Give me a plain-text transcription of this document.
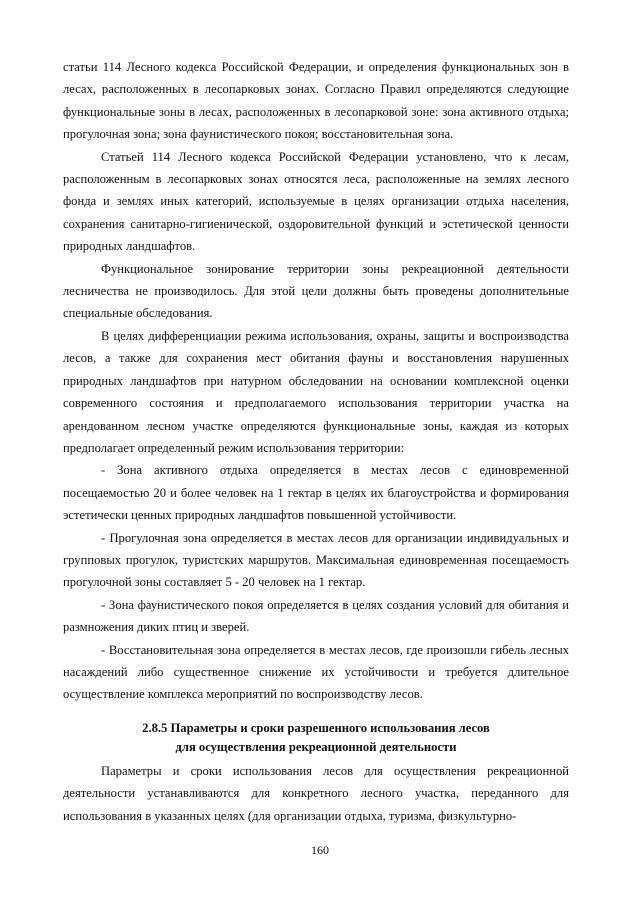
статьи 114 Лесного кодекса Российской Федерации, и определения функциональных зон в лесах, расположенных в лесопарковых зонах. Согласно Правил определяются следующие функциональные зоны в лесах, расположенных в лесопарковой зоне: зона активного отдыха; прогулочная зона; зона фаунистического покоя; восстановительная зона.

Статьей 114 Лесного кодекса Российской Федерации установлено, что к лесам, расположенным в лесопарковых зонах относятся леса, расположенные на землях лесного фонда и землях иных категорий, используемые в целях организации отдыха населения, сохранения санитарно-гигиенической, оздоровительной функций и эстетической ценности природных ландшафтов.

Функциональное зонирование территории зоны рекреационной деятельности лесничества не производилось. Для этой цели должны быть проведены дополнительные специальные обследования.

В целях дифференциации режима использования, охраны, защиты и воспроизводства лесов, а также для сохранения мест обитания фауны и восстановления нарушенных природных ландшафтов при натурном обследовании на основании комплексной оценки современного состояния и предполагаемого использования территории участка на арендованном лесном участке определяются функциональные зоны, каждая из которых предполагает определенный режим использования территории:

- Зона активного отдыха определяется в местах лесов с единовременной посещаемостью 20 и более человек на 1 гектар в целях их благоустройства и формирования эстетически ценных природных ландшафтов повышенной устойчивости.

- Прогулочная зона определяется в местах лесов для организации индивидуальных и групповых прогулок, туристских маршрутов. Максимальная единовременная посещаемость прогулочной зоны составляет 5 - 20 человек на 1 гектар.

- Зона фаунистического покоя определяется в целях создания условий для обитания и размножения диких птиц и зверей.

- Восстановительная зона определяется в местах лесов, где произошли гибель лесных насаждений либо существенное снижение их устойчивости и требуется длительное осуществление комплекса мероприятий по воспроизводству лесов.

2.8.5 Параметры и сроки разрешенного использования лесов
для осуществления рекреационной деятельности

Параметры и сроки использования лесов для осуществления рекреационной деятельности устанавливаются для конкретного лесного участка, переданного для использования в указанных целях (для организации отдыха, туризма, физкультурно-

160
